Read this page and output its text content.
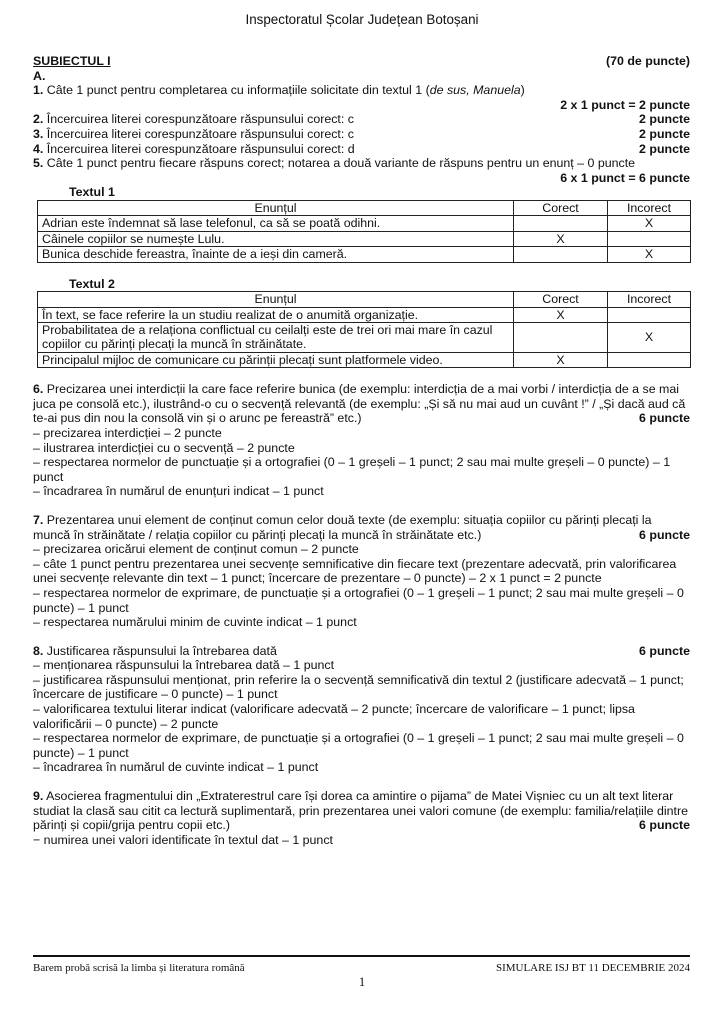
Inspectoratul Școlar Județean Botoșani
SUBIECTUL I	(70 de puncte)
A.
1. Câte 1 punct pentru completarea cu informațiile solicitate din textul 1 (de sus, Manuela)
2 x 1 punct = 2 puncte
2. Încercuirea literei corespunzătoare răspunsului corect: c	2 puncte
3. Încercuirea literei corespunzătoare răspunsului corect: c	2 puncte
4. Încercuirea literei corespunzătoare răspunsului corect: d	2 puncte
5. Câte 1 punct pentru fiecare răspuns corect; notarea a două variante de răspuns pentru un enunț – 0 puncte
6 x 1 punct = 6 puncte
Textul 1
Enunțul	Corect	Incorect
Adrian este îndemnat să lase telefonul, ca să se poată odihni.		X
Câinele copiilor se numește Lulu.	X	
Bunica deschide fereastra, înainte de a ieși din cameră.		X
Textul 2
Enunțul	Corect	Incorect
În text, se face referire la un studiu realizat de o anumită organizație.	X	
Probabilitatea de a relaționa conflictual cu ceilalți este de trei ori mai mare în cazul copiilor cu părinți plecați la muncă în străinătate.		X
Principalul mijloc de comunicare cu părinții plecați sunt platformele video.	X	
6. Precizarea unei interdicții la care face referire bunica (de exemplu: interdicția de a mai vorbi / interdicția de a se mai juca pe consolă etc.), ilustrând-o cu o secvență relevantă (de exemplu: „Și să nu mai aud un cuvânt !” / „Și dacă aud că te-ai pus din nou la consolă vin și o arunc pe fereastră” etc.)	6 puncte
– precizarea interdicției – 2 puncte
– ilustrarea interdicției cu o secvență – 2 puncte
– respectarea normelor de punctuație și a ortografiei (0 – 1 greșeli – 1 punct; 2 sau mai multe greșeli – 0 puncte) – 1 punct
– încadrarea în numărul de enunțuri indicat – 1 punct
7. Prezentarea unui element de conținut comun celor două texte (de exemplu: situația copiilor cu părinți plecați la muncă în străinătate / relația copiilor cu părinți plecați la muncă în străinătate etc.)	6 puncte
– precizarea oricărui element de conținut comun – 2 puncte
– câte 1 punct pentru prezentarea unei secvențe semnificative din fiecare text (prezentare adecvată, prin valorificarea unei secvențe relevante din text – 1 punct; încercare de prezentare – 0 puncte) – 2 x 1 punct = 2 puncte
– respectarea normelor de exprimare, de punctuație și a ortografiei (0 – 1 greșeli – 1 punct; 2 sau mai multe greșeli – 0 puncte) – 1 punct
– respectarea numărului minim de cuvinte indicat – 1 punct
8. Justificarea răspunsului la întrebarea dată	6 puncte
– menționarea răspunsului la întrebarea dată – 1 punct
– justificarea răspunsului menționat, prin referire la o secvență semnificativă din textul 2 (justificare adecvată – 1 punct; încercare de justificare – 0 puncte) – 1 punct
– valorificarea textului literar indicat (valorificare adecvată – 2 puncte; încercare de valorificare – 1 punct; lipsa valorificării – 0 puncte) – 2 puncte
– respectarea normelor de exprimare, de punctuație și a ortografiei (0 – 1 greșeli – 1 punct; 2 sau mai multe greșeli – 0 puncte) – 1 punct
– încadrarea în numărul de cuvinte indicat – 1 punct
9. Asocierea fragmentului din „Extraterestrul care își dorea ca amintire o pijama” de Matei Vișniec cu un alt text literar studiat la clasă sau citit ca lectură suplimentară, prin prezentarea unei valori comune (de exemplu: familia/relațiile dintre părinți și copii/grija pentru copii etc.)	6 puncte
− numirea unei valori identificate în textul dat – 1 punct
Barem probă scrisă la limba și literatura română	SIMULARE ISJ BT 11 DECEMBRIE 2024
1
